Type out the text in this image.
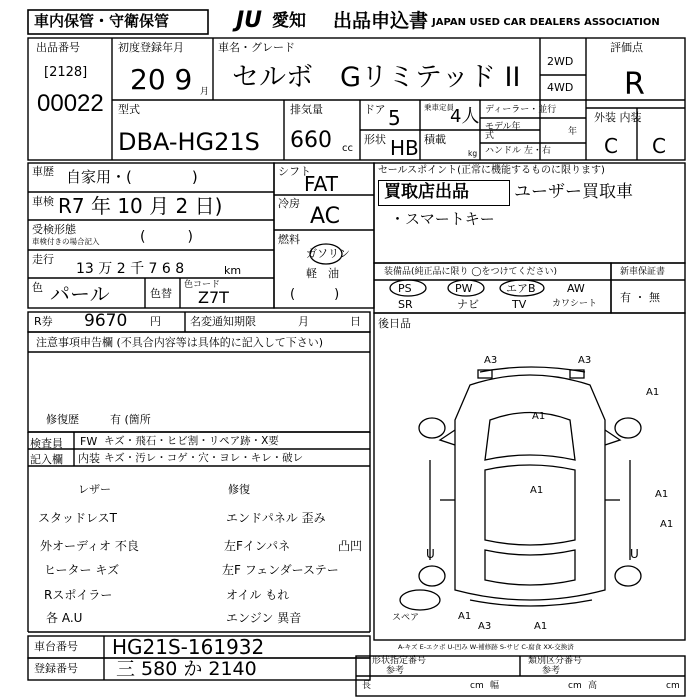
車内保管・守衛保管	JU 愛知 出品申込書 JAPAN USED CAR DEALERS ASSOCIATION
出品番号
[2128]
00022
初度登録年月
20 9 月
車名・グレード
セルボ　Gリミテッド II
2WD
4WD
評価点
R
型式
DBA-HG21S
排気量
660 cc
ドア 5	乗車定員
4人
形状 HB 積載
kg
ディーラー・並行
モデル年式	年
ハンドル 左・右
外装 内装
C C
車歴 自家用・(　　　　)
車検 R7 年 10 月 2 日)
受検形態
車検付きの場合記入	(　　　)
走行
13 万 2 千 7 6 8	km
色 パール	色替
色コード
Z7T
シフト
FAT
冷房
AC
燃料
ガソリン
軽　油
(　　　)
セールスポイント(正常に機能するものに限ります)
買取店出品	ユーザー買取車
・スマートキー
装備品(純正品に限り ◯をつけてください)
PS	PW	エアB	AW
SR	ナビ	TV	カワシート
新車保証書
有 ・ 無
R券 9670 円	名変通知期限	月	日 後日品
注意事項申告欄 (不具合内容等は具体的に記入して下さい)
修復歴	有 (箇所
検査員記入欄
FW キズ・飛石・ヒビ割・リペア跡・X要
内装 キズ・汚レ・コゲ・穴・ヨレ・キレ・破レ
レザー
スタッドレスT
外オーディオ 不良
ヒーター キズ
Rスポイラー
各 A.U
修復
エンドパネル 歪み
左Fインパネ
左F フェンダーステー
オイル もれ
エンジン 異音
凸凹
A3	A3
A1
A1
A1
A1
A1
A3	A1
U	U
A1
スペア
A-キズ E-エクボ U-凹み W-補修跡 S-サビ C-腐食 XX-交換済
車台番号 HG21S-161932
登録番号 三 580 か 2140	形状指定番号
参考
類別区分番号
参考
長	cm 幅	cm 高	cm
